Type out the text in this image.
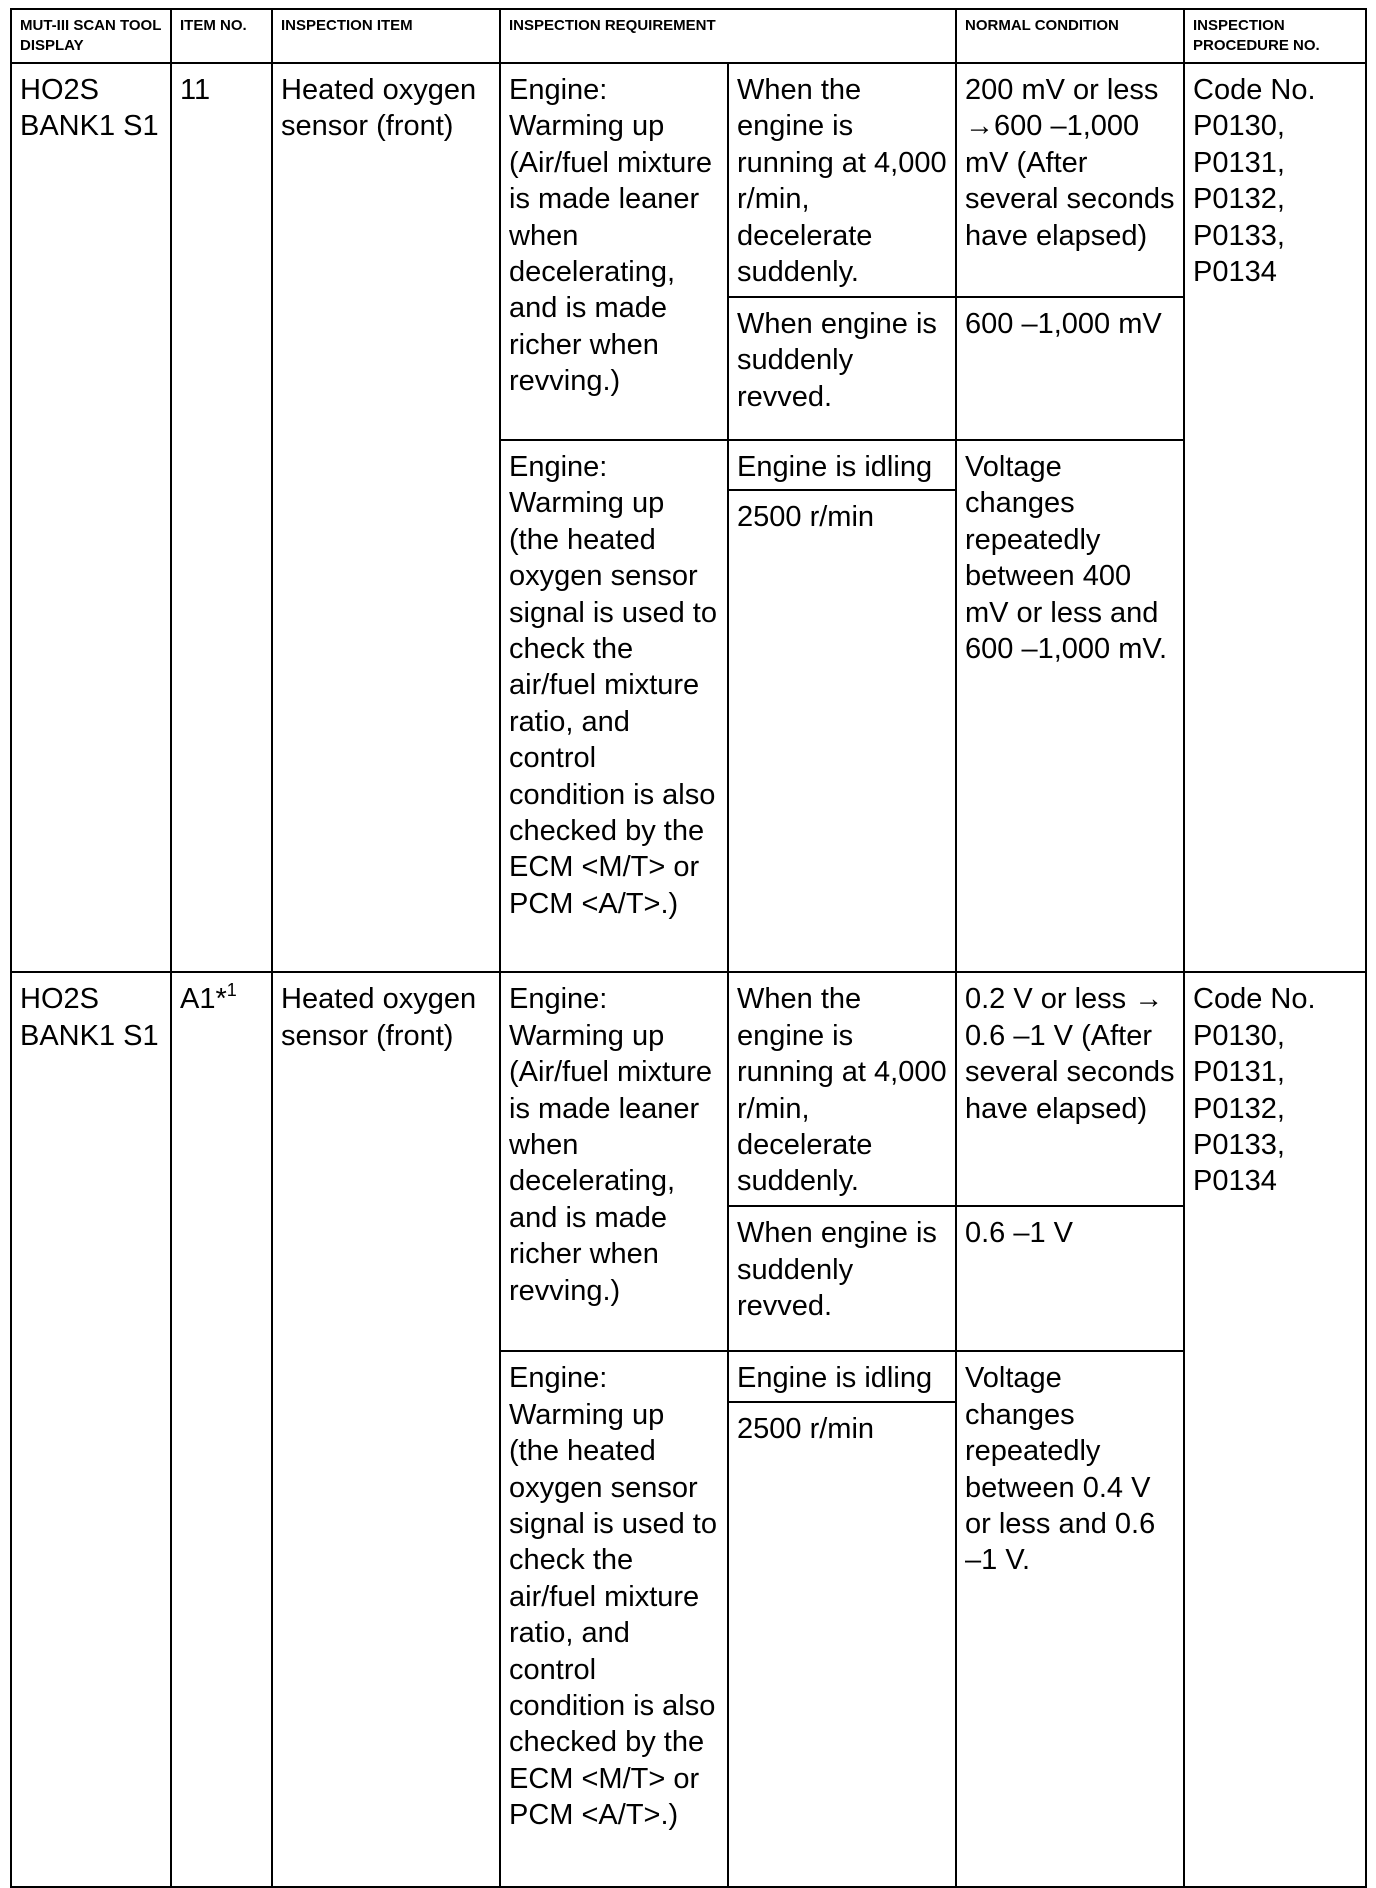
MUT-III SCAN TOOL DISPLAY	ITEM NO.	INSPECTION ITEM	INSPECTION REQUIREMENT		NORMAL CONDITION	INSPECTION PROCEDURE NO.
HO2S BANK1 S1	11	Heated oxygen sensor (front)	Engine: Warming up (Air/fuel mixture is made leaner when decelerating, and is made richer when revving.)	When the engine is running at 4,000 r/min, decelerate suddenly.	200 mV or less →600 –1,000 mV (After several seconds have elapsed)	Code No. P0130, P0131, P0132, P0133, P0134
				When engine is suddenly revved.	600 –1,000 mV	
			Engine: Warming up (the heated oxygen sensor signal is used to check the air/fuel mixture ratio, and control condition is also checked by the ECM <M/T> or PCM <A/T>.)	Engine is idling	Voltage changes repeatedly between 400 mV or less and 600 –1,000 mV.	
				2500 r/min		

HO2S BANK1 S1	A1*$^1$	Heated oxygen sensor (front)	Engine: Warming up (Air/fuel mixture is made leaner when decelerating, and is made richer when revving.)	When the engine is running at 4,000 r/min, decelerate suddenly.	0.2 V or less → 0.6 –1 V (After several seconds have elapsed)	Code No. P0130, P0131, P0132, P0133, P0134
				When engine is suddenly revved.	0.6 –1 V	
			Engine: Warming up (the heated oxygen sensor signal is used to check the air/fuel mixture ratio, and control condition is also checked by the ECM <M/T> or PCM <A/T>.)	Engine is idling	Voltage changes repeatedly between 0.4 V or less and 0.6 –1 V.	
				2500 r/min		
